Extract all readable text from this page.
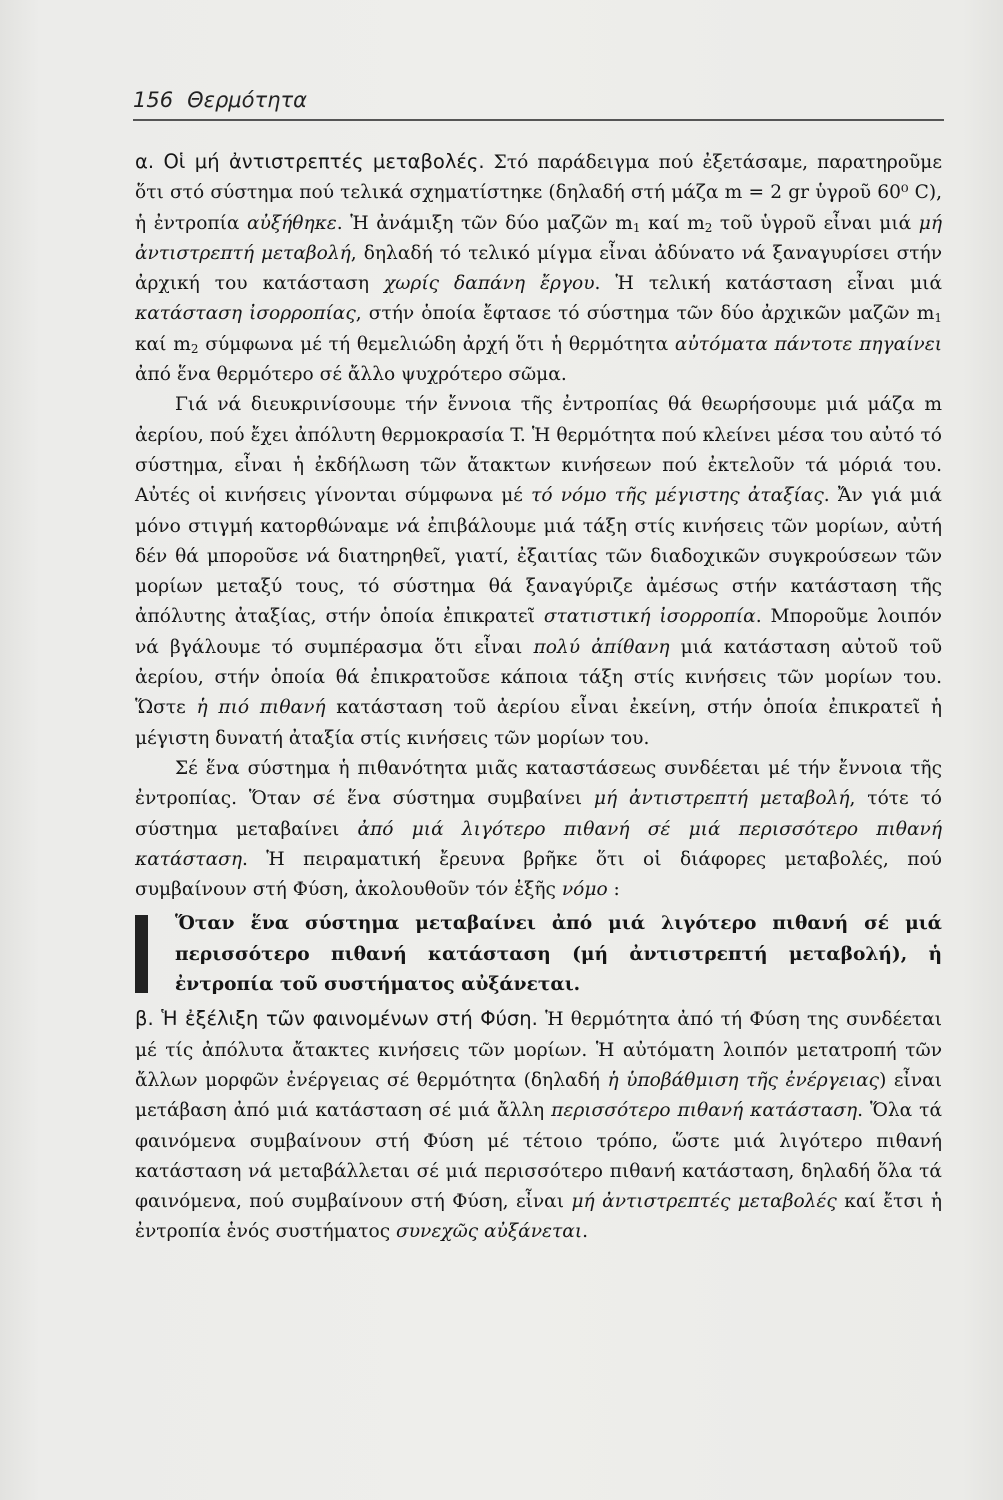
156 Θερμότητα

α. Οἱ μή ἀντιστρεπτές μεταβολές. Στό παράδειγμα πού ἐξετάσαμε, παρατηροῦμε ὅτι στό σύστημα πού τελικά σχηματίστηκε (δηλαδή στή μάζα m = 2 gr ὑγροῦ 60⁰ C), ἡ ἐντροπία αὐξήθηκε. Ἡ ἀνάμιξη τῶν δύο μαζῶν $m_1$ καί $m_2$ τοῦ ὑγροῦ εἶναι μιά μή ἀντιστρεπτή μεταβολή, δηλαδή τό τελικό μίγμα εἶναι ἀδύνατο νά ξαναγυρίσει στήν ἀρχική του κατάσταση χωρίς δαπάνη ἔργου. Ἡ τελική κατάσταση εἶναι μιά κατάσταση ἰσορροπίας, στήν ὁποία ἔφτασε τό σύστημα τῶν δύο ἀρχικῶν μαζῶν $m_1$ καί $m_2$ σύμφωνα μέ τή θεμελιώδη ἀρχή ὅτι ἡ θερμότητα αὐτόματα πάντοτε πηγαίνει ἀπό ἕνα θερμότερο σέ ἄλλο ψυχρότερο σῶμα.

Γιά νά διευκρινίσουμε τήν ἔννοια τῆς ἐντροπίας θά θεωρήσουμε μιά μάζα m ἀερίου, πού ἔχει ἀπόλυτη θερμοκρασία T. Ἡ θερμότητα πού κλείνει μέσα του αὐτό τό σύστημα, εἶναι ἡ ἐκδήλωση τῶν ἄτακτων κινήσεων πού ἐκτελοῦν τά μόριά του. Αὐτές οἱ κινήσεις γίνονται σύμφωνα μέ τό νόμο τῆς μέγιστης ἀταξίας. Ἄν γιά μιά μόνο στιγμή κατορθώναμε νά ἐπιβάλουμε μιά τάξη στίς κινήσεις τῶν μορίων, αὐτή δέν θά μποροῦσε νά διατηρηθεῖ, γιατί, ἐξαιτίας τῶν διαδοχικῶν συγκρούσεων τῶν μορίων μεταξύ τους, τό σύστημα θά ξαναγύριζε ἀμέσως στήν κατάσταση τῆς ἀπόλυτης ἀταξίας, στήν ὁποία ἐπικρατεῖ στατιστική ἰσορροπία. Μποροῦμε λοιπόν νά βγάλουμε τό συμπέρασμα ὅτι εἶναι πολύ ἀπίθανη μιά κατάσταση αὐτοῦ τοῦ ἀερίου, στήν ὁποία θά ἐπικρατοῦσε κάποια τάξη στίς κινήσεις τῶν μορίων του. Ὥστε ἡ πιό πιθανή κατάσταση τοῦ ἀερίου εἶναι ἐκείνη, στήν ὁποία ἐπικρατεῖ ἡ μέγιστη δυνατή ἀταξία στίς κινήσεις τῶν μορίων του.

Σέ ἕνα σύστημα ἡ πιθανότητα μιᾶς καταστάσεως συνδέεται μέ τήν ἔννοια τῆς ἐντροπίας. Ὅταν σέ ἕνα σύστημα συμβαίνει μή ἀντιστρεπτή μεταβολή, τότε τό σύστημα μεταβαίνει ἀπό μιά λιγότερο πιθανή σέ μιά περισσότερο πιθανή κατάσταση. Ἡ πειραματική ἔρευνα βρῆκε ὅτι οἱ διάφορες μεταβολές, πού συμβαίνουν στή Φύση, ἀκολουθοῦν τόν ἑξῆς νόμο :

Ὅταν ἕνα σύστημα μεταβαίνει ἀπό μιά λιγότερο πιθανή σέ μιά περισσότερο πιθανή κατάσταση (μή ἀντιστρεπτή μεταβολή), ἡ ἐντροπία τοῦ συστήματος αὐξάνεται.

β. Ἡ ἐξέλιξη τῶν φαινομένων στή Φύση. Ἡ θερμότητα ἀπό τή Φύση της συνδέεται μέ τίς ἀπόλυτα ἄτακτες κινήσεις τῶν μορίων. Ἡ αὐτόματη λοιπόν μετατροπή τῶν ἄλλων μορφῶν ἐνέργειας σέ θερμότητα (δηλαδή ἡ ὑποβάθμιση τῆς ἐνέργειας) εἶναι μετάβαση ἀπό μιά κατάσταση σέ μιά ἄλλη περισσότερο πιθανή κατάσταση. Ὅλα τά φαινόμενα συμβαίνουν στή Φύση μέ τέτοιο τρόπο, ὥστε μιά λιγότερο πιθανή κατάσταση νά μεταβάλλεται σέ μιά περισσότερο πιθανή κατάσταση, δηλαδή ὅλα τά φαινόμενα, πού συμβαίνουν στή Φύση, εἶναι μή ἀντιστρεπτές μεταβολές καί ἔτσι ἡ ἐντροπία ἑνός συστήματος συνεχῶς αὐξάνεται.
